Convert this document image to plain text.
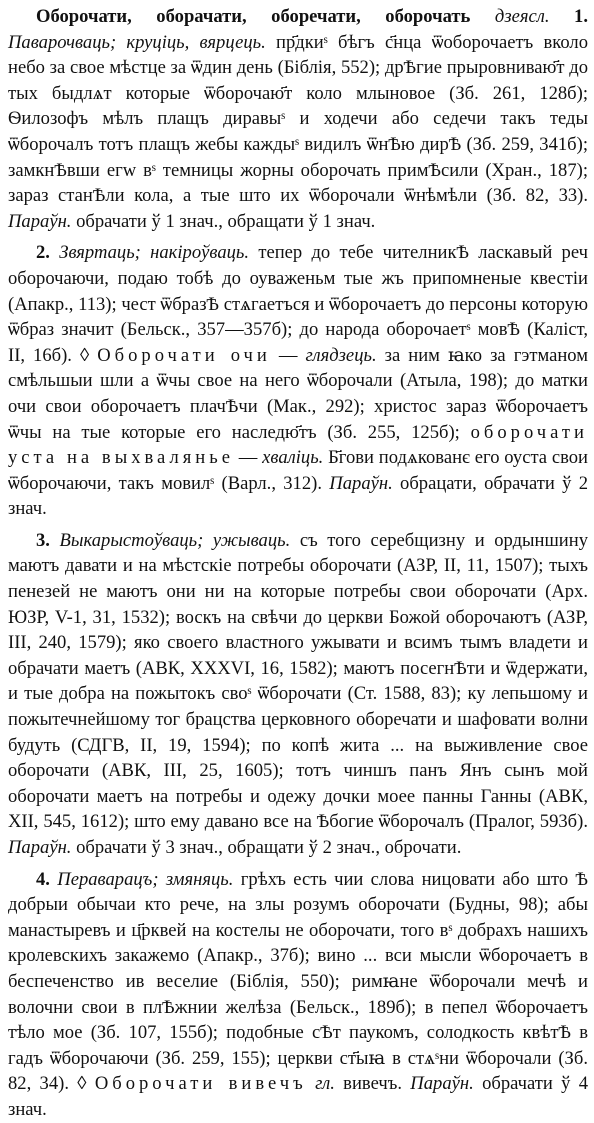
Оборочати, оборачати, оборечати, оборочать дзеясл. 1. Паварочваць; круціць, вярцець. пр҃дкиˢ бѣгъ с҃нца ѿoборочаетъ вколо небо за свое мѣстце за ѿдин день (Біблія, 552); дрѢгие прыровниваю҃т до тых быдлѧт которые ѿборочаю҃т коло млыновое (Зб. 261, 128б); Ѳилозофъ мѣлъ плащъ диравыˢ и ходечи або седечи такъ теды ѿборочалъ тотъ плащъ жебы каждыˢ видилъ ѿнѢю дирѢ (Зб. 259, 341б); замкнѢвши егw вˢ темницы жорны оборочать примѢсили (Хран., 187); зараз станѢли кола, а тые што их ѿборочали ѿнѣмѣли (Зб. 82, 33). Параўн. обрачати ў 1 знач., обращати ў 1 знач.

2. Звяртаць; накіроўваць. тепер до тебе чителникѢ ласкавый реч оборочаючи, подаю тобѣ до оуваженьм тые жъ припомненые квестіи (Апакр., 113); чест ѿбразѢ стѧгаетъся и ѿборочаетъ до персоны которую ѿбраз значит (Бельск., 357—357б); до народа оборочаетˢ мовѢ (Каліст, II, 16б). ◊ Оборочати очи — глядзець. за ним ꙗко за гэтманом смѣльшыи шли а ѿчы свое на него ѿборочали (Атыла, 198); до матки очи свои оборочаетъ плачѢчи (Мак., 292); христос зараз ѿборочаетъ ѿчы на тые которые его наследю҃тъ (Зб. 255, 125б); оборочати уста на выхвалянье — хваліць. Б҃гови подѧкованє его оуста свои ѿборочаючи, такъ мовилˢ (Варл., 312). Параўн. обрацати, обрачати ў 2 знач.

3. Выкарыстоўваць; ужываць. съ того серебщизну и ордыншину маютъ давати и на мѣстскіе потребы оборочати (АЗР, II, 11, 1507); тыхъ пенезей не маютъ они ни на которые потребы свои оборочати (Арх. ЮЗР, V-1, 31, 1532); воскъ на свѣчи до церкви Божой оборочаютъ (АЗР, III, 240, 1579); яко своего властного ужывати и всимъ тымъ владети и обрачати маетъ (АВК, XXXVI, 16, 1582); маютъ посегнѢти и ѿдержати, и тые добра на пожытокъ своˢ ѿборочати (Ст. 1588, 83); ку лепьшому и пожытечнейшому тог брацства церковного оборечати и шафовати волни будуть (СДГВ, II, 19, 1594); по копѣ жита ... на выживление свое оборочати (АВК, III, 25, 1605); тотъ чиншъ панъ Янъ сынъ мой оборочати маетъ на потребы и одежу дочки моее панны Ганны (АВК, XII, 545, 1612); што ему давано все на Ѣбогие ѿборочалъ (Пралог, 593б). Параўн. обрачати ў 3 знач., обращати ў 2 знач., оброчати.

4. Пераварацъ; змяняць. грѣхъ есть чии слова ницовати або што Ѣ добрыи обычаи кто рече, на злы розумъ оборочати (Будны, 98); абы манастыревъ и ц҃рквей на костелы не оборочати, того вˢ добрахъ нашихъ кролевскихъ закажемо (Апакр., 37б); вино ... вси мысли ѿборочаетъ в беспеченство ив веселие (Біблія, 550); римꙗне ѿборочали мечѣ и волочни свои в плѢжнии желѣза (Бельск., 189б); в пепел ѿборочаетъ тѣло мое (Зб. 107, 155б); подобные сѢт паукомъ, солодкость квѣтѢ в гадъ ѿборочаючи (Зб. 259, 155); церкви ст҃ыꙗ в стѧˢни ѿборочали (Зб. 82, 34). ◊ Оборочати вивечъ гл. вивечъ. Параўн. обрачати ў 4 знач.
